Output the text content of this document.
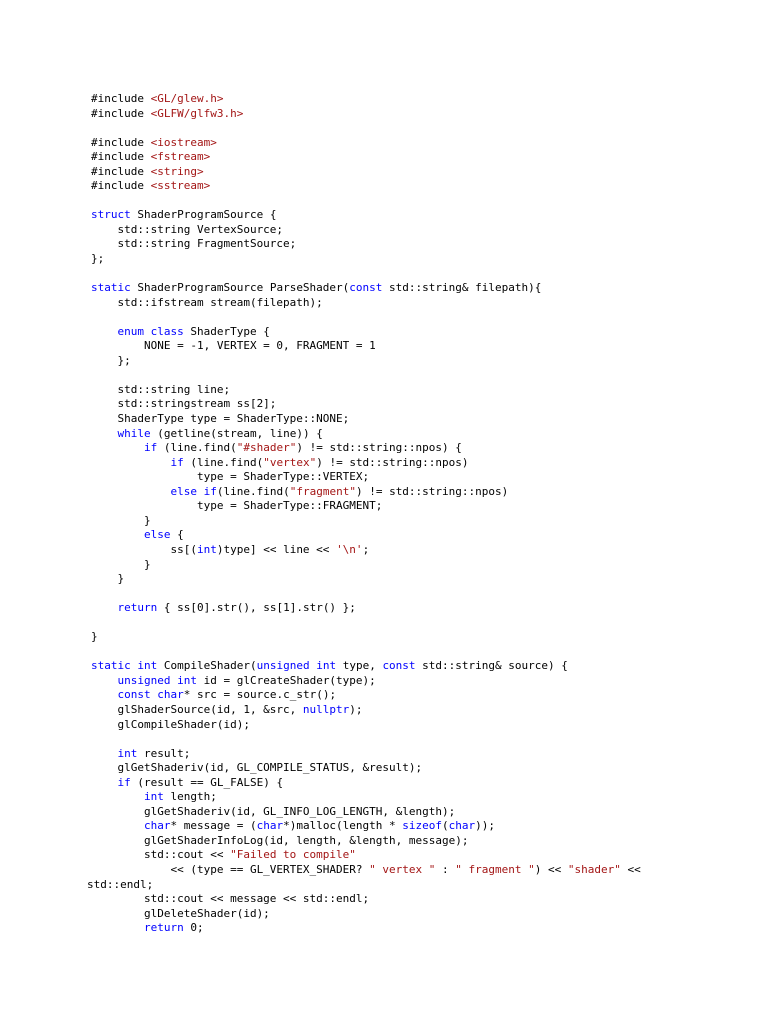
#include <GL/glew.h>
#include <GLFW/glfw3.h>
#include <iostream>
#include <fstream>
#include <string>
#include <sstream>
struct ShaderProgramSource {
std::string VertexSource;
std::string FragmentSource;
};
static ShaderProgramSource ParseShader(const std::string& filepath){
std::ifstream stream(filepath);
enum class ShaderType {
NONE = -1, VERTEX = 0, FRAGMENT = 1
};
std::string line;
std::stringstream ss[2];
ShaderType type = ShaderType::NONE;
while (getline(stream, line)) {
if (line.find("#shader") != std::string::npos) {
if (line.find("vertex") != std::string::npos)
type = ShaderType::VERTEX;
else if(line.find("fragment") != std::string::npos)
type = ShaderType::FRAGMENT;
}
else {
ss[(int)type] << line << '\n';
}
}
return { ss[0].str(), ss[1].str() };
}
static int CompileShader(unsigned int type, const std::string& source) {
unsigned int id = glCreateShader(type);
const char* src = source.c_str();
glShaderSource(id, 1, &src, nullptr);
glCompileShader(id);
int result;
glGetShaderiv(id, GL_COMPILE_STATUS, &result);
if (result == GL_FALSE) {
int length;
glGetShaderiv(id, GL_INFO_LOG_LENGTH, &length);
char* message = (char*)malloc(length * sizeof(char));
glGetShaderInfoLog(id, length, &length, message);
std::cout << "Failed to compile"
<< (type == GL_VERTEX_SHADER? " vertex " : " fragment ") << "shader" <<
std::endl;
std::cout << message << std::endl;
glDeleteShader(id);
return 0;
